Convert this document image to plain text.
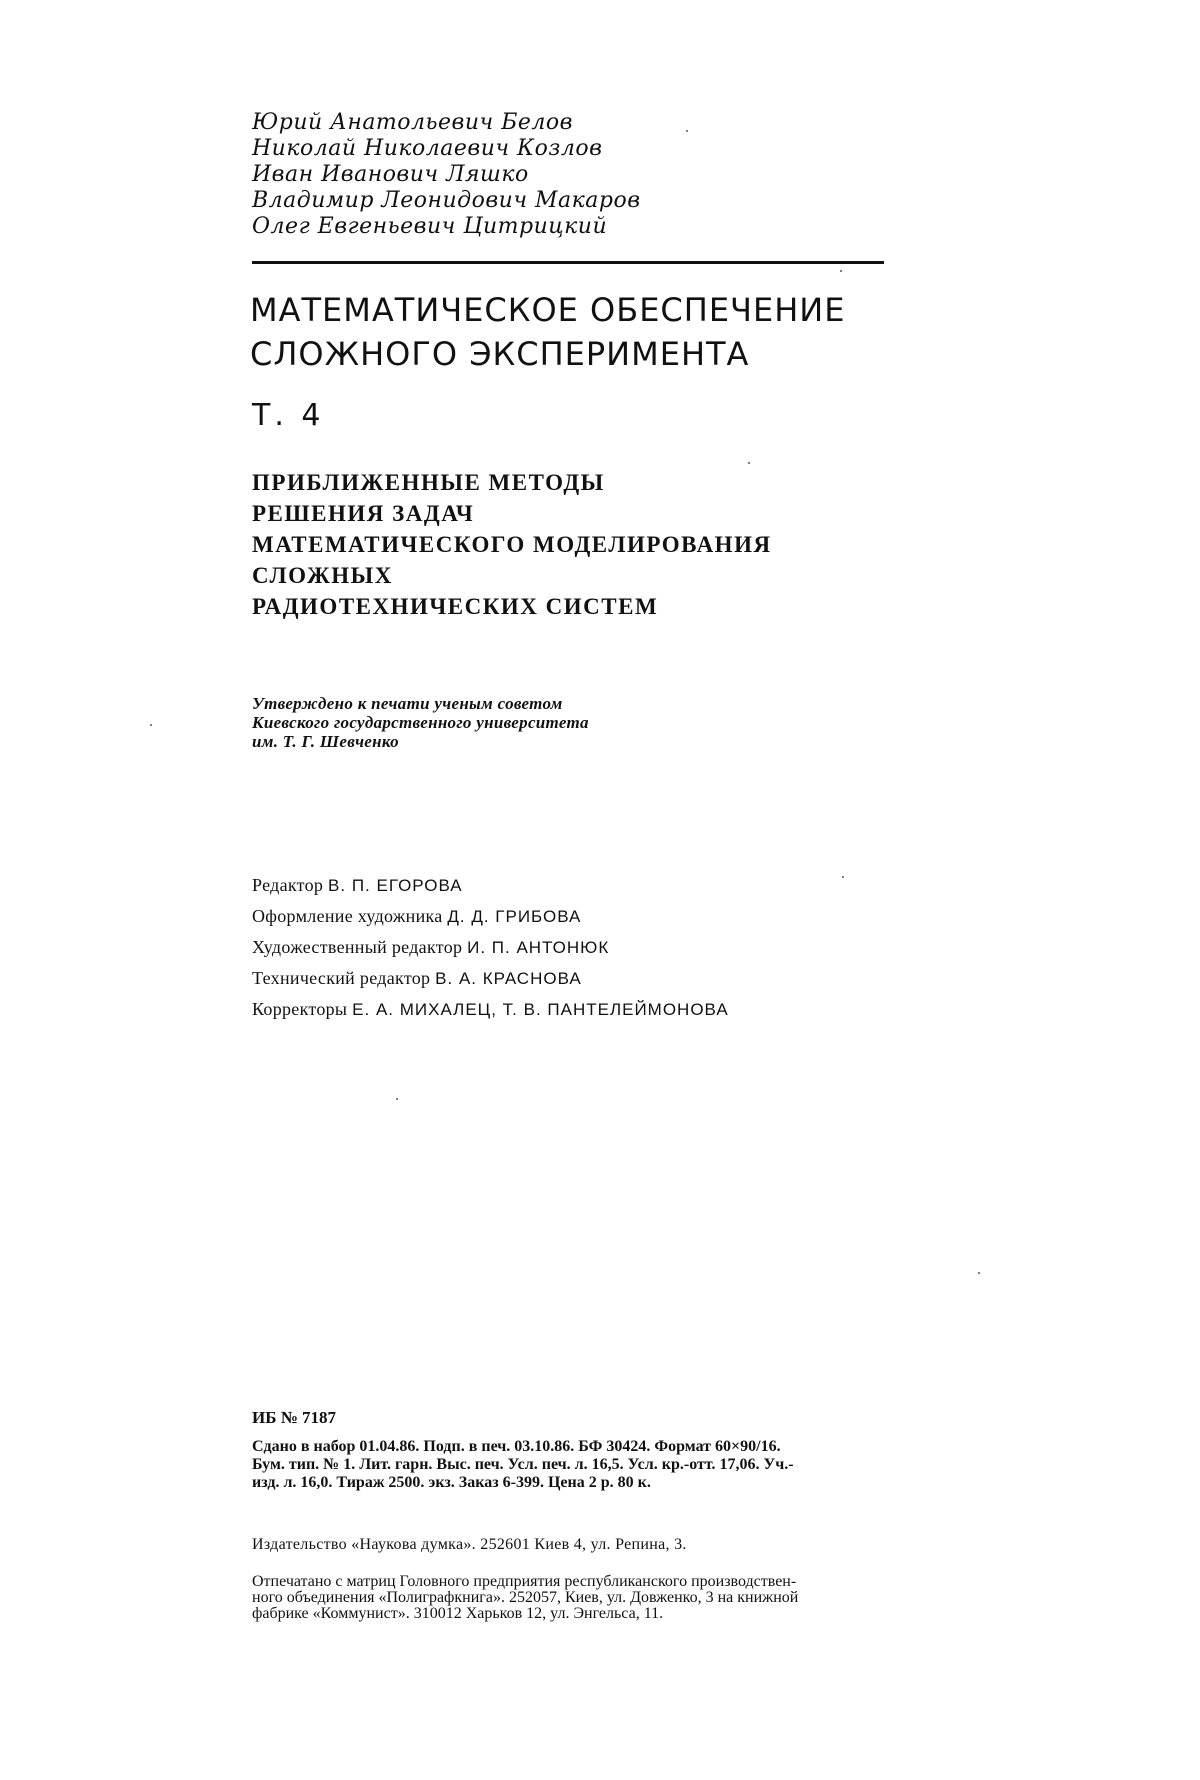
Юрий Анатольевич Белов
Николай Николаевич Козлов
Иван Иванович Ляшко
Владимир Леонидович Макаров
Олег Евгеньевич Цитрицкий
МАТЕМАТИЧЕСКОЕ ОБЕСПЕЧЕНИЕ
СЛОЖНОГО ЭКСПЕРИМЕНТА
Т. 4
ПРИБЛИЖЕННЫЕ МЕТОДЫ
РЕШЕНИЯ ЗАДАЧ
МАТЕМАТИЧЕСКОГО МОДЕЛИРОВАНИЯ
СЛОЖНЫХ
РАДИОТЕХНИЧЕСКИХ СИСТЕМ
Утверждено к печати ученым советом
Киевского государственного университета
им. Т. Г. Шевченко
Редактор В. П. ЕГОРОВА
Оформление художника Д. Д. ГРИБОВА
Художественный редактор И. П. АНТОНЮК
Технический редактор В. А. КРАСНОВА
Корректоры Е. А. МИХАЛЕЦ, Т. В. ПАНТЕЛЕЙМОНОВА
ИБ № 7187
Сдано в набор 01.04.86. Подп. в печ. 03.10.86. БФ 30424. Формат 60×90/16.
Бум. тип. № 1. Лит. гарн. Выс. печ. Усл. печ. л. 16,5. Усл. кр.-отт. 17,06. Уч.-
изд. л. 16,0. Тираж 2500. экз. Заказ 6-399. Цена 2 р. 80 к.
Издательство «Наукова думка». 252601 Киев 4, ул. Репина, 3.
Отпечатано с матриц Головного предприятия республиканского производствен-
ного объединения «Полиграфкнига». 252057, Киев, ул. Довженко, 3 на книжной
фабрике «Коммунист». 310012 Харьков 12, ул. Энгельса, 11.
